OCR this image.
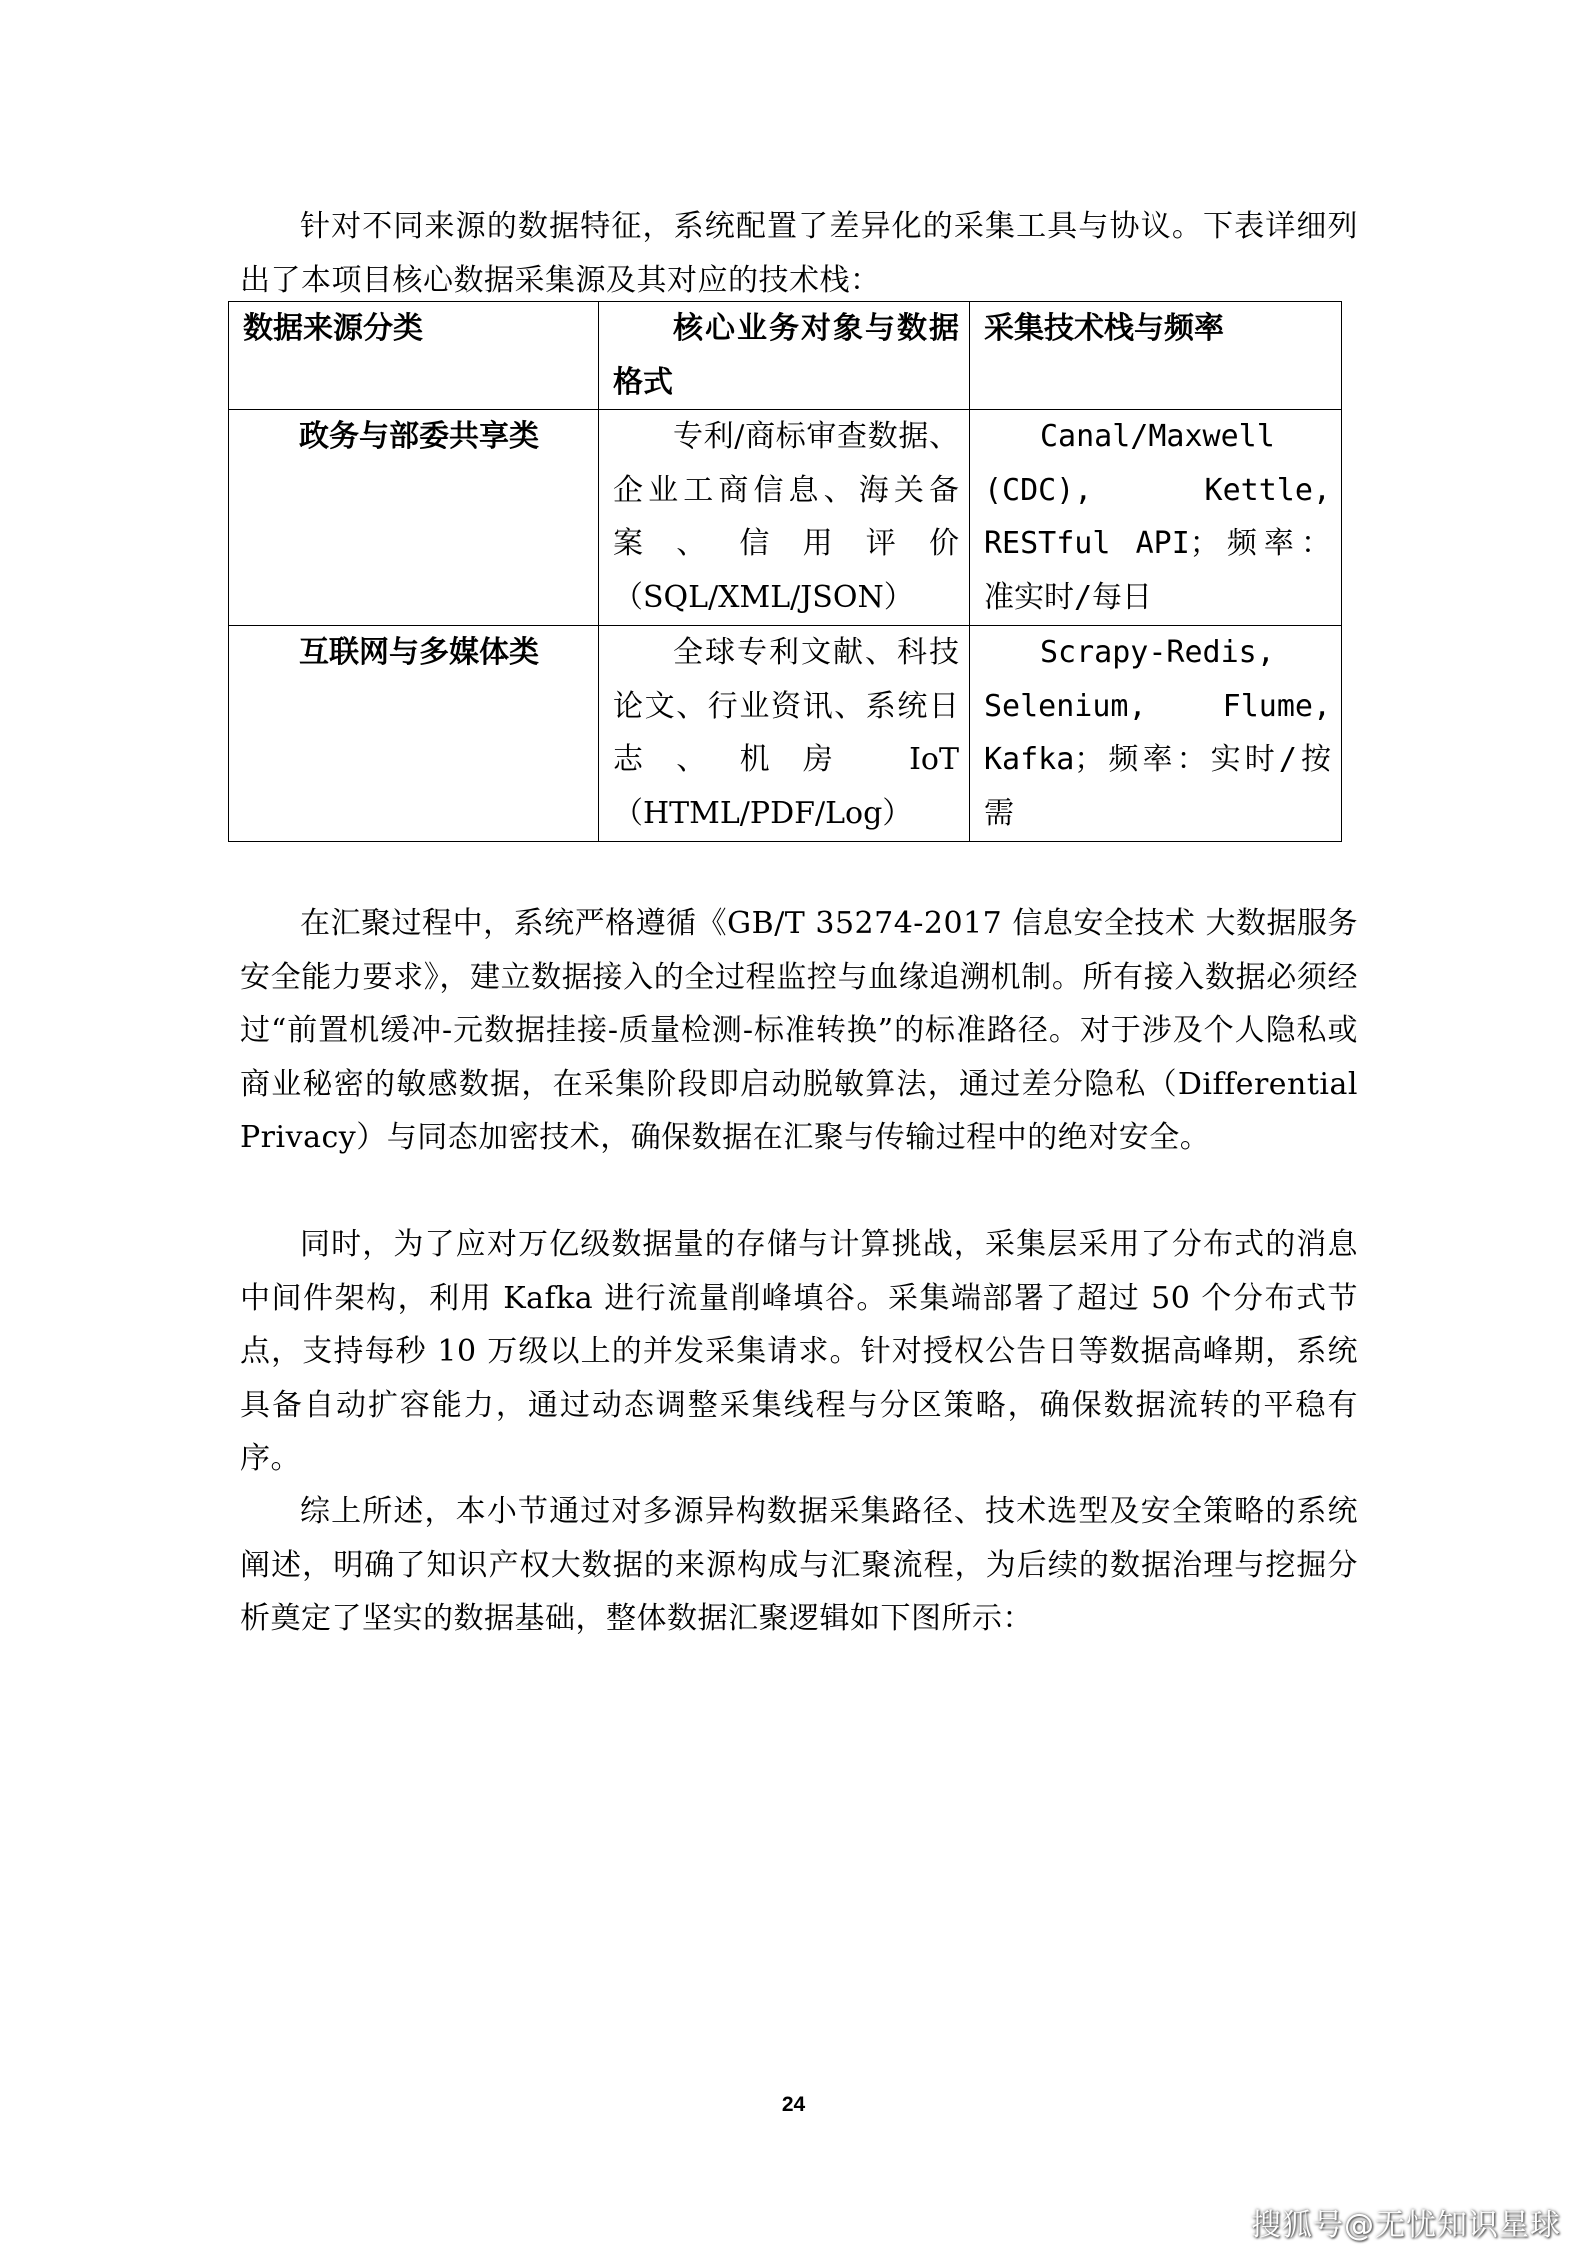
针对不同来源的数据特征，系统配置了差异化的采集工具与协议。下表详细列出了本项目核心数据采集源及其对应的技术栈：

数据来源分类	核心业务对象与数据格式	采集技术栈与频率
政务与部委共享类	专利/商标审查数据、企业工商信息、海关备案、信用评价（SQL/XML/JSON）	Canal/Maxwell (CDC), Kettle, RESTful API；频率：准实时/每日
互联网与多媒体类	全球专利文献、科技论文、行业资讯、系统日志、机房 IoT（HTML/PDF/Log）	Scrapy-Redis, Selenium, Flume, Kafka；频率：实时/按需

在汇聚过程中，系统严格遵循《GB/T 35274-2017 信息安全技术 大数据服务安全能力要求》，建立数据接入的全过程监控与血缘追溯机制。所有接入数据必须经过“前置机缓冲-元数据挂接-质量检测-标准转换”的标准路径。对于涉及个人隐私或商业秘密的敏感数据，在采集阶段即启动脱敏算法，通过差分隐私（Differential Privacy）与同态加密技术，确保数据在汇聚与传输过程中的绝对安全。

同时，为了应对万亿级数据量的存储与计算挑战，采集层采用了分布式的消息中间件架构，利用 Kafka 进行流量削峰填谷。采集端部署了超过 50 个分布式节点，支持每秒 10 万级以上的并发采集请求。针对授权公告日等数据高峰期，系统具备自动扩容能力，通过动态调整采集线程与分区策略，确保数据流转的平稳有序。

综上所述，本小节通过对多源异构数据采集路径、技术选型及安全策略的系统阐述，明确了知识产权大数据的来源构成与汇聚流程，为后续的数据治理与挖掘分析奠定了坚实的数据基础，整体数据汇聚逻辑如下图所示：

24
搜狐号@无忧知识星球
